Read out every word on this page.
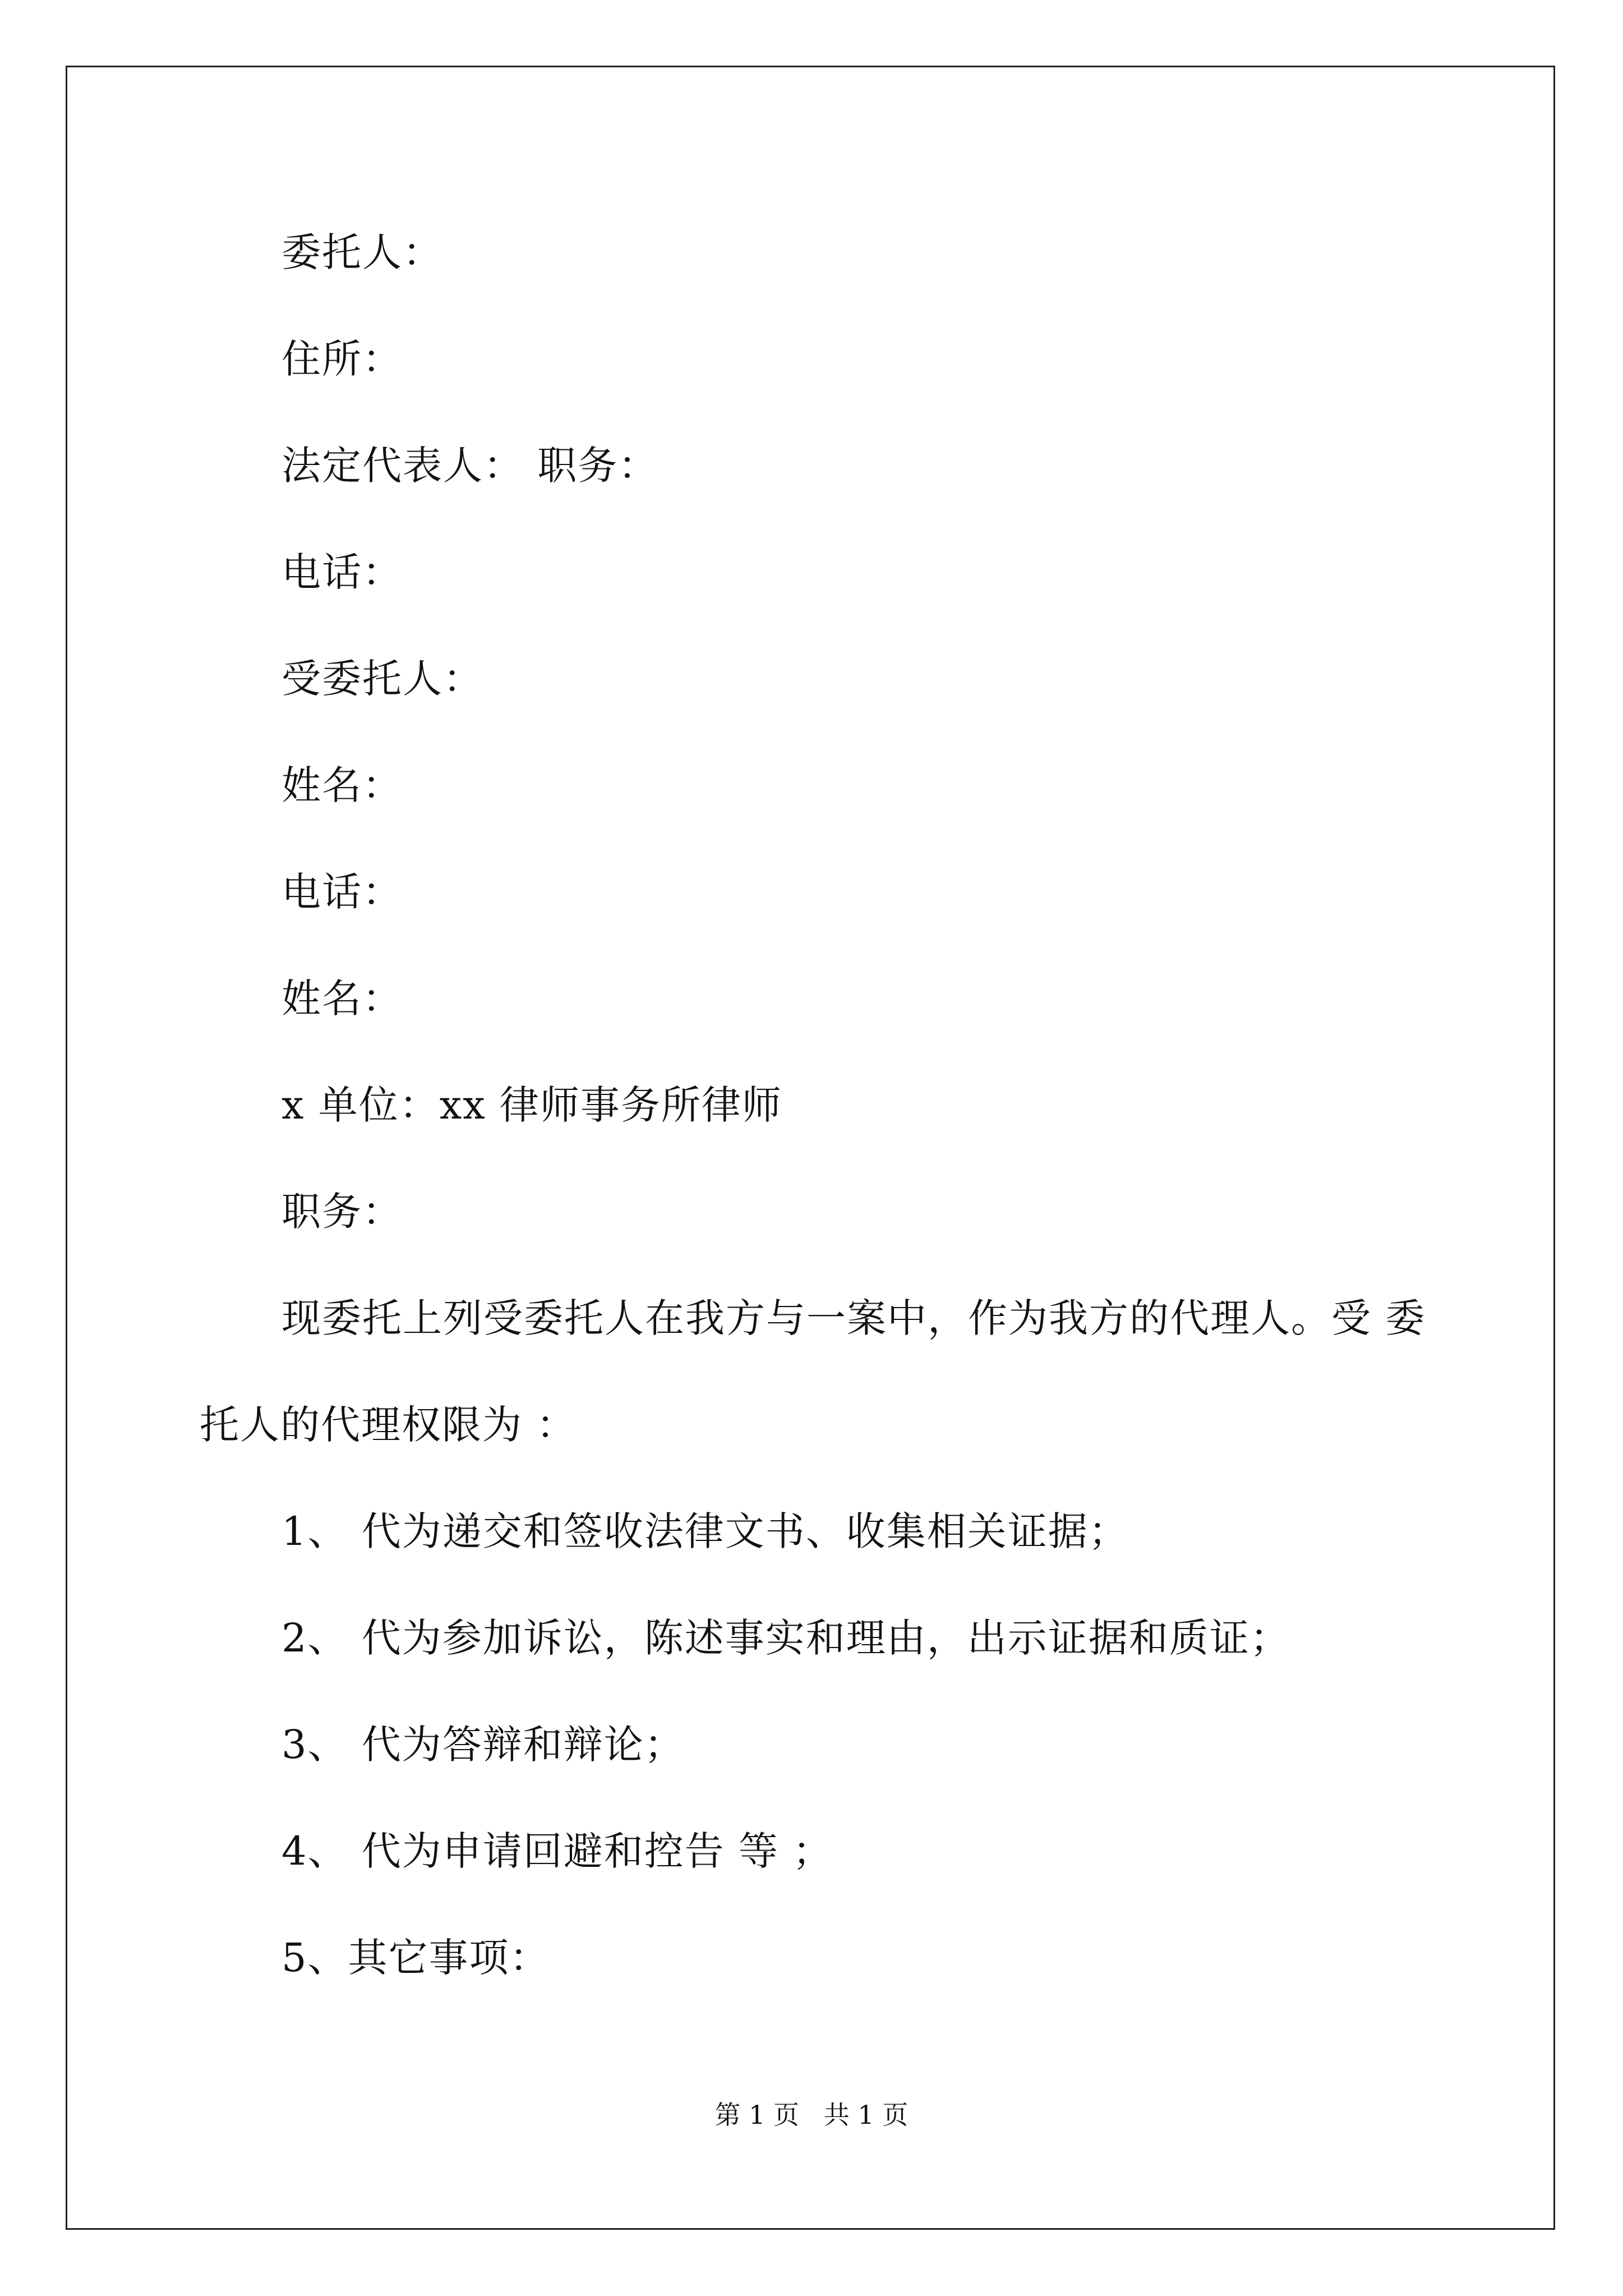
委托人：
住所：
法定代表人： 职务：
电话：
受委托人：
姓名：
电话：
姓名：
x 单位：xx 律师事务所律师
职务：
现委托上列受委托人在我方与一案中，作为我方的代理人。受 委
托人的代理权限为 ：
1、 代为递交和签收法律文书、收集相关证据；
2、 代为参加诉讼，陈述事实和理由，出示证据和质证；
3、 代为答辩和辩论；
4、 代为申请回避和控告 等 ；
5、其它事项：
第 1 页   共 1 页
